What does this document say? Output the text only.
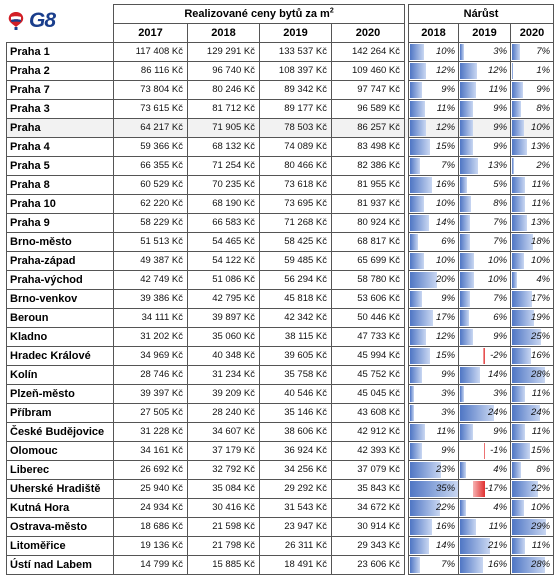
	Realizované ceny bytů za $m^2$					Nárůst		
	2017	2018	2019	2020		2018	2019	2020
Praha 1	117 408 Kč	129 291 Kč	133 537 Kč	142 264 Kč		10%	3%	7%
Praha 2	86 116 Kč	96 740 Kč	108 397 Kč	109 460 Kč		12%	12%	1%
Praha 7	73 804 Kč	80 246 Kč	89 342 Kč	97 747 Kč		9%	11%	9%
Praha 3	73 615 Kč	81 712 Kč	89 177 Kč	96 589 Kč		11%	9%	8%
Praha	64 217 Kč	71 905 Kč	78 503 Kč	86 257 Kč		12%	9%	10%
Praha 4	59 366 Kč	68 132 Kč	74 089 Kč	83 498 Kč		15%	9%	13%
Praha 5	66 355 Kč	71 254 Kč	80 466 Kč	82 386 Kč		7%	13%	2%
Praha 8	60 529 Kč	70 235 Kč	73 618 Kč	81 955 Kč		16%	5%	11%
Praha 10	62 220 Kč	68 190 Kč	73 695 Kč	81 937 Kč		10%	8%	11%
Praha 9	58 229 Kč	66 583 Kč	71 268 Kč	80 924 Kč		14%	7%	13%
Brno-město	51 513 Kč	54 465 Kč	58 425 Kč	68 817 Kč		6%	7%	18%
Praha-západ	49 387 Kč	54 122 Kč	59 485 Kč	65 699 Kč		10%	10%	10%
Praha-východ	42 749 Kč	51 086 Kč	56 294 Kč	58 780 Kč		20%	10%	4%
Brno-venkov	39 386 Kč	42 795 Kč	45 818 Kč	53 606 Kč		9%	7%	17%
Beroun	34 111 Kč	39 897 Kč	42 342 Kč	50 446 Kč		17%	6%	19%
Kladno	31 202 Kč	35 060 Kč	38 115 Kč	47 733 Kč		12%	9%	25%
Hradec Králové	34 969 Kč	40 348 Kč	39 605 Kč	45 994 Kč		15%	-2%	16%
Kolín	28 746 Kč	31 234 Kč	35 758 Kč	45 752 Kč		9%	14%	28%
Plzeň-město	39 397 Kč	39 209 Kč	40 546 Kč	45 045 Kč		3%	3%	11%
Příbram	27 505 Kč	28 240 Kč	35 146 Kč	43 608 Kč		3%	24%	24%
České Budějovice	31 228 Kč	34 607 Kč	38 606 Kč	42 912 Kč		11%	9%	11%
Olomouc	34 161 Kč	37 179 Kč	36 924 Kč	42 393 Kč		9%	-1%	15%
Liberec	26 692 Kč	32 792 Kč	34 256 Kč	37 079 Kč		23%	4%	8%
Uherské Hradiště	25 940 Kč	35 084 Kč	29 292 Kč	35 843 Kč		35%	-17%	22%
Kutná Hora	24 934 Kč	30 416 Kč	31 543 Kč	34 672 Kč		22%	4%	10%
Ostrava-město	18 686 Kč	21 598 Kč	23 947 Kč	30 914 Kč		16%	11%	29%
Litoměřice	19 136 Kč	21 798 Kč	26 311 Kč	29 343 Kč		14%	21%	11%
Ústí nad Labem	14 799 Kč	15 885 Kč	18 491 Kč	23 606 Kč		7%	16%	28%
G8
